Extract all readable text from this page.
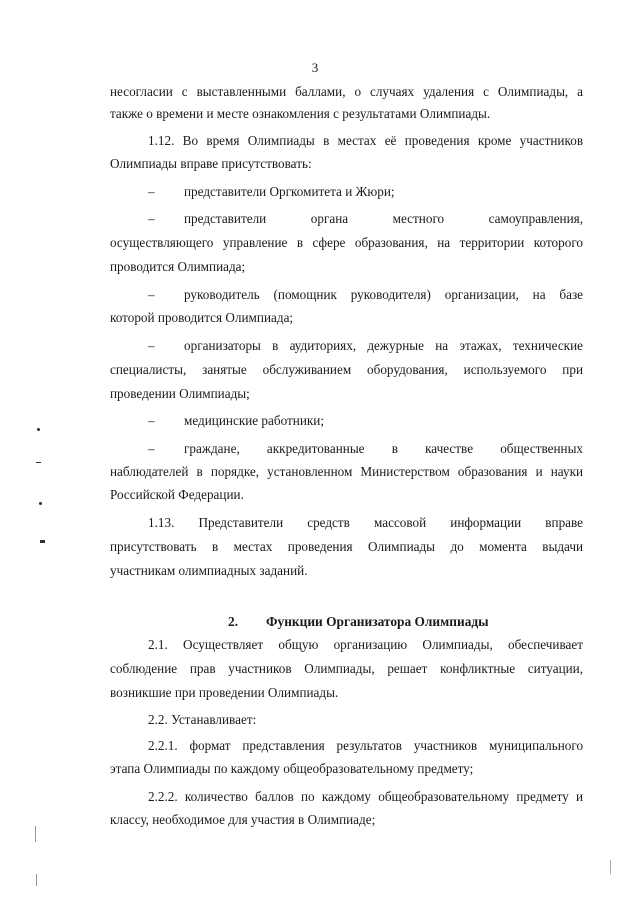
3
несогласии с выставленными баллами, о случаях удаления с Олимпиады, а
также о времени и месте ознакомления с результатами Олимпиады.
1.12. Во время Олимпиады в местах её проведения кроме участников
Олимпиады вправе присутствовать:
– представители Оргкомитета и Жюри;
– представители	органа	местного	самоуправления,
осуществляющего управление в сфере образования, на территории которого
проводится Олимпиада;
– руководитель (помощник руководителя) организации, на базе
которой проводится Олимпиада;
– организаторы в аудиториях, дежурные на этажах, технические
специалисты, занятые обслуживанием оборудования, используемого при
проведении Олимпиады;
– медицинские работники;
– граждане, аккредитованные в качестве общественных
наблюдателей в порядке, установленном Министерством образования и науки
Российской Федерации.
1.13. Представители средств массовой информации вправе
присутствовать в местах проведения Олимпиады до момента выдачи
участникам олимпиадных заданий.
2. Функции Организатора Олимпиады
2.1. Осуществляет общую организацию Олимпиады, обеспечивает
соблюдение прав участников Олимпиады, решает конфликтные ситуации,
возникшие при проведении Олимпиады.
2.2. Устанавливает:
2.2.1. формат представления результатов участников муниципального
этапа Олимпиады по каждому общеобразовательному предмету;
2.2.2. количество баллов по каждому общеобразовательному предмету и
классу, необходимое для участия в Олимпиаде;
